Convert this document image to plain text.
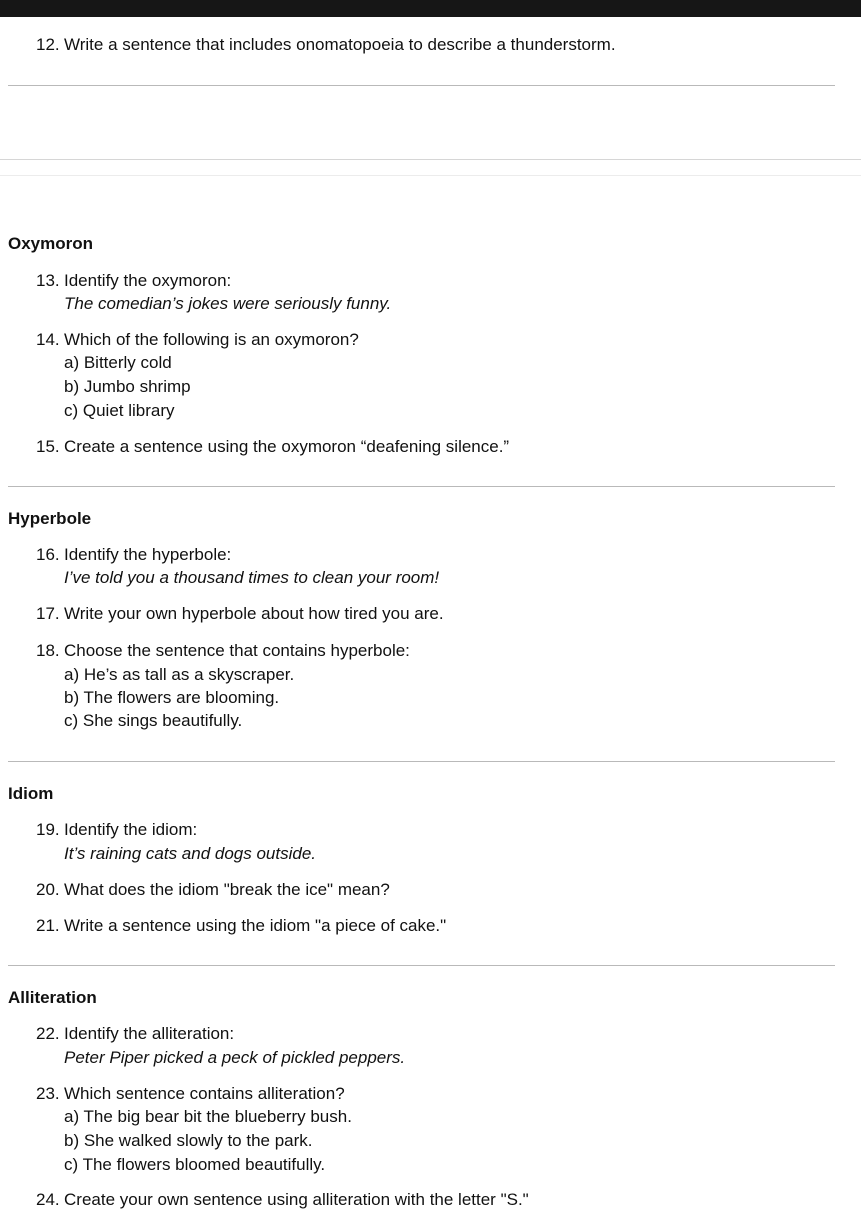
12. Write a sentence that includes onomatopoeia to describe a thunderstorm.
Oxymoron
13. Identify the oxymoron:
The comedian’s jokes were seriously funny.
14. Which of the following is an oxymoron?
a) Bitterly cold
b) Jumbo shrimp
c) Quiet library
15. Create a sentence using the oxymoron “deafening silence.”
Hyperbole
16. Identify the hyperbole:
I’ve told you a thousand times to clean your room!
17. Write your own hyperbole about how tired you are.
18. Choose the sentence that contains hyperbole:
a) He’s as tall as a skyscraper.
b) The flowers are blooming.
c) She sings beautifully.
Idiom
19. Identify the idiom:
It’s raining cats and dogs outside.
20. What does the idiom "break the ice" mean?
21. Write a sentence using the idiom "a piece of cake."
Alliteration
22. Identify the alliteration:
Peter Piper picked a peck of pickled peppers.
23. Which sentence contains alliteration?
a) The big bear bit the blueberry bush.
b) She walked slowly to the park.
c) The flowers bloomed beautifully.
24. Create your own sentence using alliteration with the letter "S."
